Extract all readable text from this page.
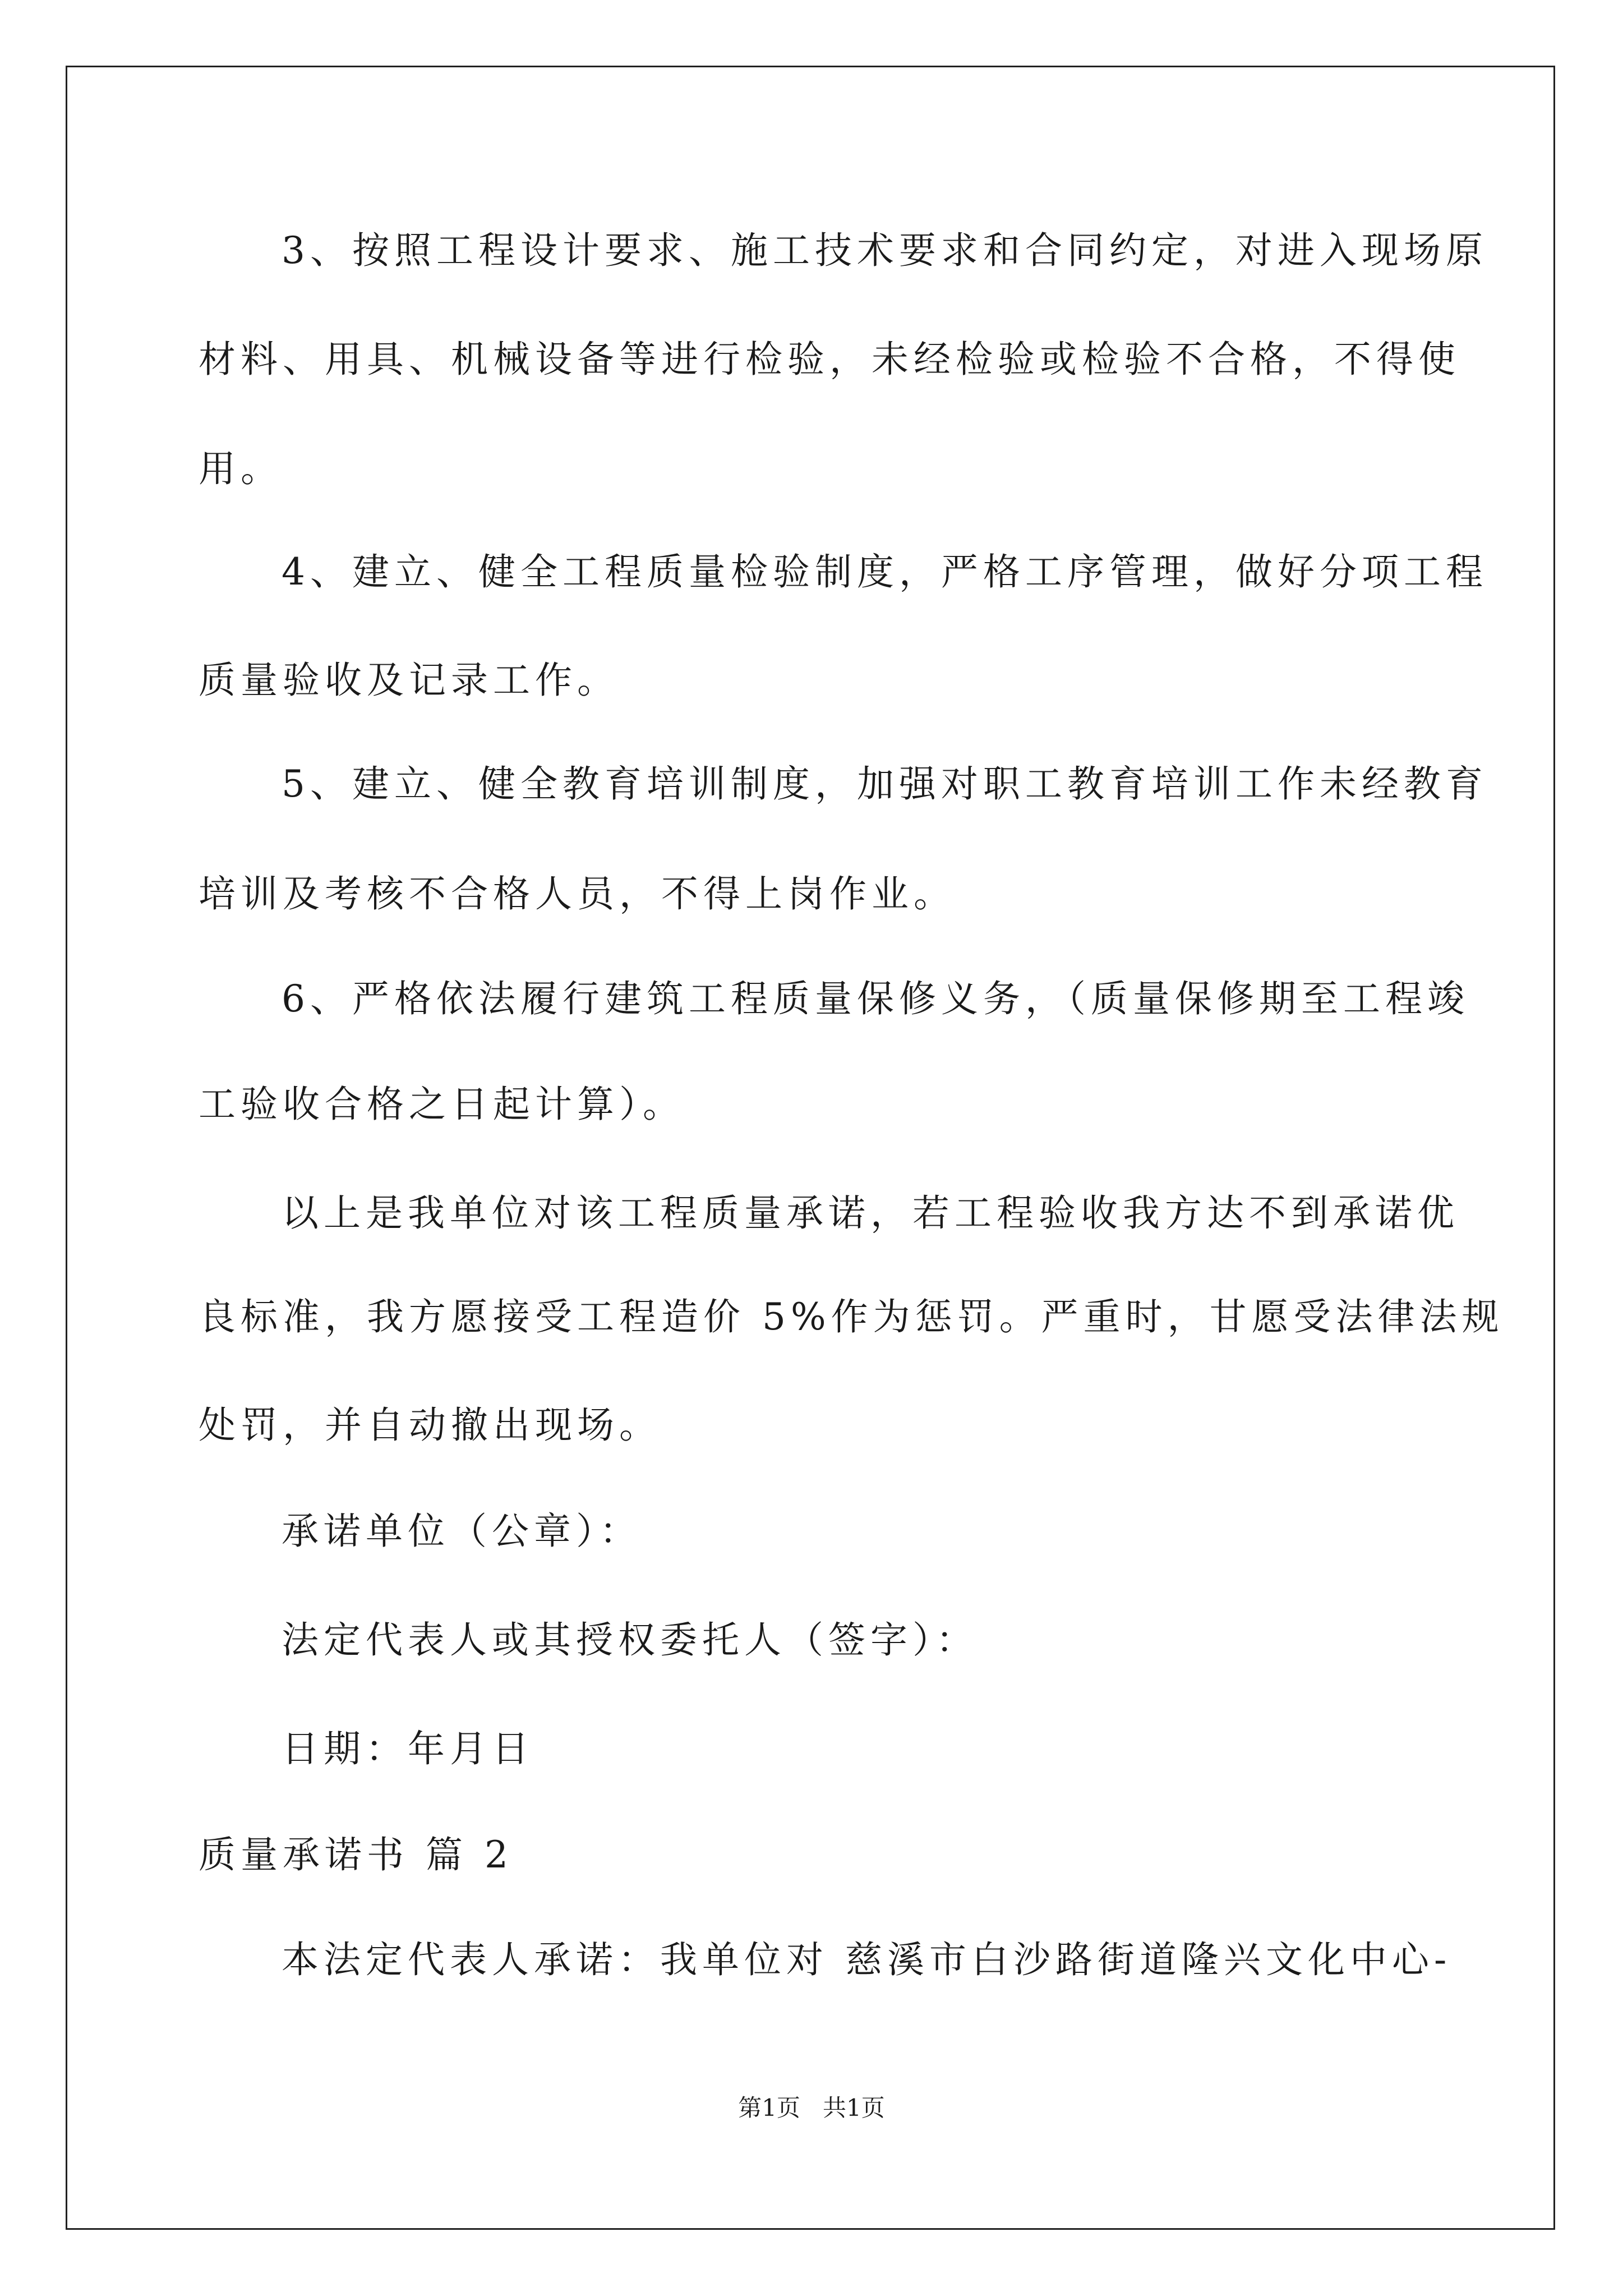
3、按照工程设计要求、施工技术要求和合同约定，对进入现场原
材料、用具、机械设备等进行检验，未经检验或检验不合格，不得使
用。
4、建立、健全工程质量检验制度，严格工序管理，做好分项工程
质量验收及记录工作。
5、建立、健全教育培训制度，加强对职工教育培训工作未经教育
培训及考核不合格人员，不得上岗作业。
6、严格依法履行建筑工程质量保修义务，（质量保修期至工程竣
工验收合格之日起计算）。
以上是我单位对该工程质量承诺，若工程验收我方达不到承诺优
良标准，我方愿接受工程造价 5%作为惩罚。严重时，甘愿受法律法规
处罚，并自动撤出现场。
承诺单位（公章）：
法定代表人或其授权委托人（签字）：
日期：年月日
质量承诺书 篇 2
本法定代表人承诺：我单位对 慈溪市白沙路街道隆兴文化中心-
第1页   共1页
